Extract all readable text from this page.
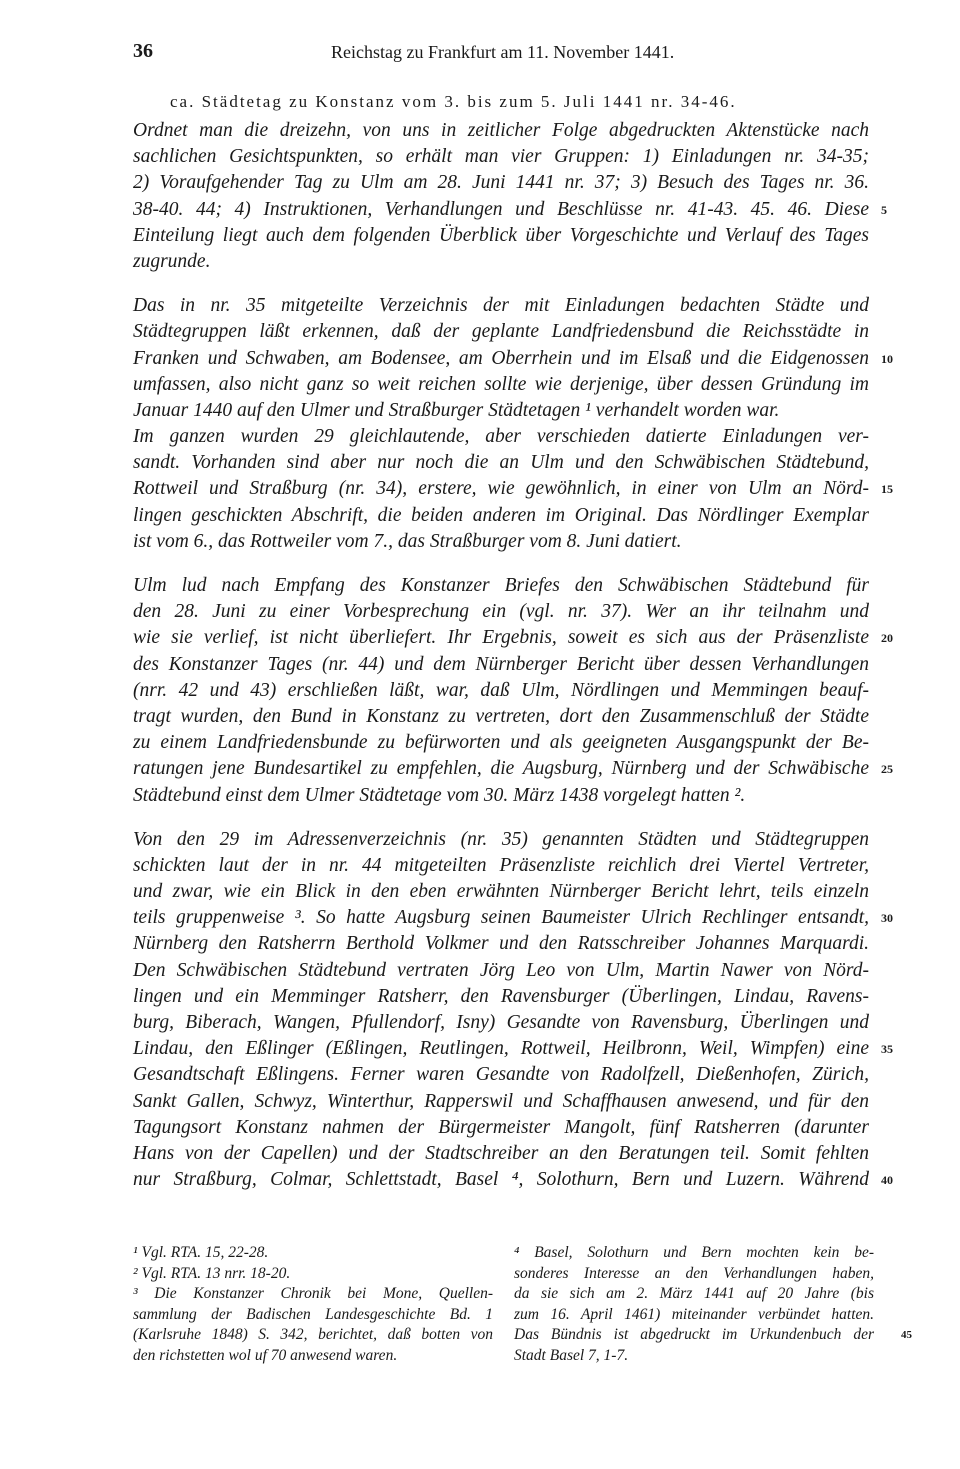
36	Reichstag zu Frankfurt am 11. November 1441.
ca. Städtetag zu Konstanz vom 3. bis zum 5. Juli 1441 nr. 34-46.
Ordnet man die dreizehn, von uns in zeitlicher Folge abgedruckten Aktenstücke nach
sachlichen Gesichtspunkten, so erhält man vier Gruppen: 1) Einladungen nr. 34-35;
2) Voraufgehender Tag zu Ulm am 28. Juni 1441 nr. 37; 3) Besuch des Tages nr. 36.
38-40. 44; 4) Instruktionen, Verhandlungen und Beschlüsse nr. 41-43. 45. 46. Diese 5
Einteilung liegt auch dem folgenden Überblick über Vorgeschichte und Verlauf des Tages
zugrunde.
Das in nr. 35 mitgeteilte Verzeichnis der mit Einladungen bedachten Städte und
Städtegruppen läßt erkennen, daß der geplante Landfriedensbund die Reichsstädte in
Franken und Schwaben, am Bodensee, am Oberrhein und im Elsaß und die Eidgenossen 10
umfassen, also nicht ganz so weit reichen sollte wie derjenige, über dessen Gründung im
Januar 1440 auf den Ulmer und Straßburger Städtetagen ¹ verhandelt worden war.
Im ganzen wurden 29 gleichlautende, aber verschieden datierte Einladungen ver-
sandt. Vorhanden sind aber nur noch die an Ulm und den Schwäbischen Städtebund,
Rottweil und Straßburg (nr. 34), erstere, wie gewöhnlich, in einer von Ulm an Nörd- 15
lingen geschickten Abschrift, die beiden anderen im Original. Das Nördlinger Exemplar
ist vom 6., das Rottweiler vom 7., das Straßburger vom 8. Juni datiert.
Ulm lud nach Empfang des Konstanzer Briefes den Schwäbischen Städtebund für
den 28. Juni zu einer Vorbesprechung ein (vgl. nr. 37). Wer an ihr teilnahm und
wie sie verlief, ist nicht überliefert. Ihr Ergebnis, soweit es sich aus der Präsenzliste 20
des Konstanzer Tages (nr. 44) und dem Nürnberger Bericht über dessen Verhandlungen
(nrr. 42 und 43) erschließen läßt, war, daß Ulm, Nördlingen und Memmingen beauf-
tragt wurden, den Bund in Konstanz zu vertreten, dort den Zusammenschluß der Städte
zu einem Landfriedensbunde zu befürworten und als geeigneten Ausgangspunkt der Be-
ratungen jene Bundesartikel zu empfehlen, die Augsburg, Nürnberg und der Schwäbische 25
Städtebund einst dem Ulmer Städtetage vom 30. März 1438 vorgelegt hatten ².
Von den 29 im Adressenverzeichnis (nr. 35) genannten Städten und Städtegruppen
schickten laut der in nr. 44 mitgeteilten Präsenzliste reichlich drei Viertel Vertreter,
und zwar, wie ein Blick in den eben erwähnten Nürnberger Bericht lehrt, teils einzeln
teils gruppenweise ³. So hatte Augsburg seinen Baumeister Ulrich Rechlinger entsandt, 30
Nürnberg den Ratsherrn Berthold Volkmer und den Ratsschreiber Johannes Marquardi.
Den Schwäbischen Städtebund vertraten Jörg Leo von Ulm, Martin Nawer von Nörd-
lingen und ein Memminger Ratsherr, den Ravensburger (Überlingen, Lindau, Ravens-
burg, Biberach, Wangen, Pfullendorf, Isny) Gesandte von Ravensburg, Überlingen und
Lindau, den Eßlinger (Eßlingen, Reutlingen, Rottweil, Heilbronn, Weil, Wimpfen) eine 35
Gesandtschaft Eßlingens. Ferner waren Gesandte von Radolfzell, Dießenhofen, Zürich,
Sankt Gallen, Schwyz, Winterthur, Rapperswil und Schaffhausen anwesend, und für den
Tagungsort Konstanz nahmen der Bürgermeister Mangolt, fünf Ratsherren (darunter
Hans von der Capellen) und der Stadtschreiber an den Beratungen teil. Somit fehlten
nur Straßburg, Colmar, Schlettstadt, Basel ⁴, Solothurn, Bern und Luzern. Während 40
¹ Vgl. RTA. 15, 22-28.
² Vgl. RTA. 13 nrr. 18-20.
³ Die Konstanzer Chronik bei Mone, Quellen-
sammlung der Badischen Landesgeschichte Bd. 1
(Karlsruhe 1848) S. 342, berichtet, daß botten von
den richstetten wol uf 70 anwesend waren.
⁴ Basel, Solothurn und Bern mochten kein be-
sonderes Interesse an den Verhandlungen haben,
da sie sich am 2. März 1441 auf 20 Jahre (bis
zum 16. April 1461) miteinander verbündet hatten.
Das Bündnis ist abgedruckt im Urkundenbuch der 45
Stadt Basel 7, 1-7.
